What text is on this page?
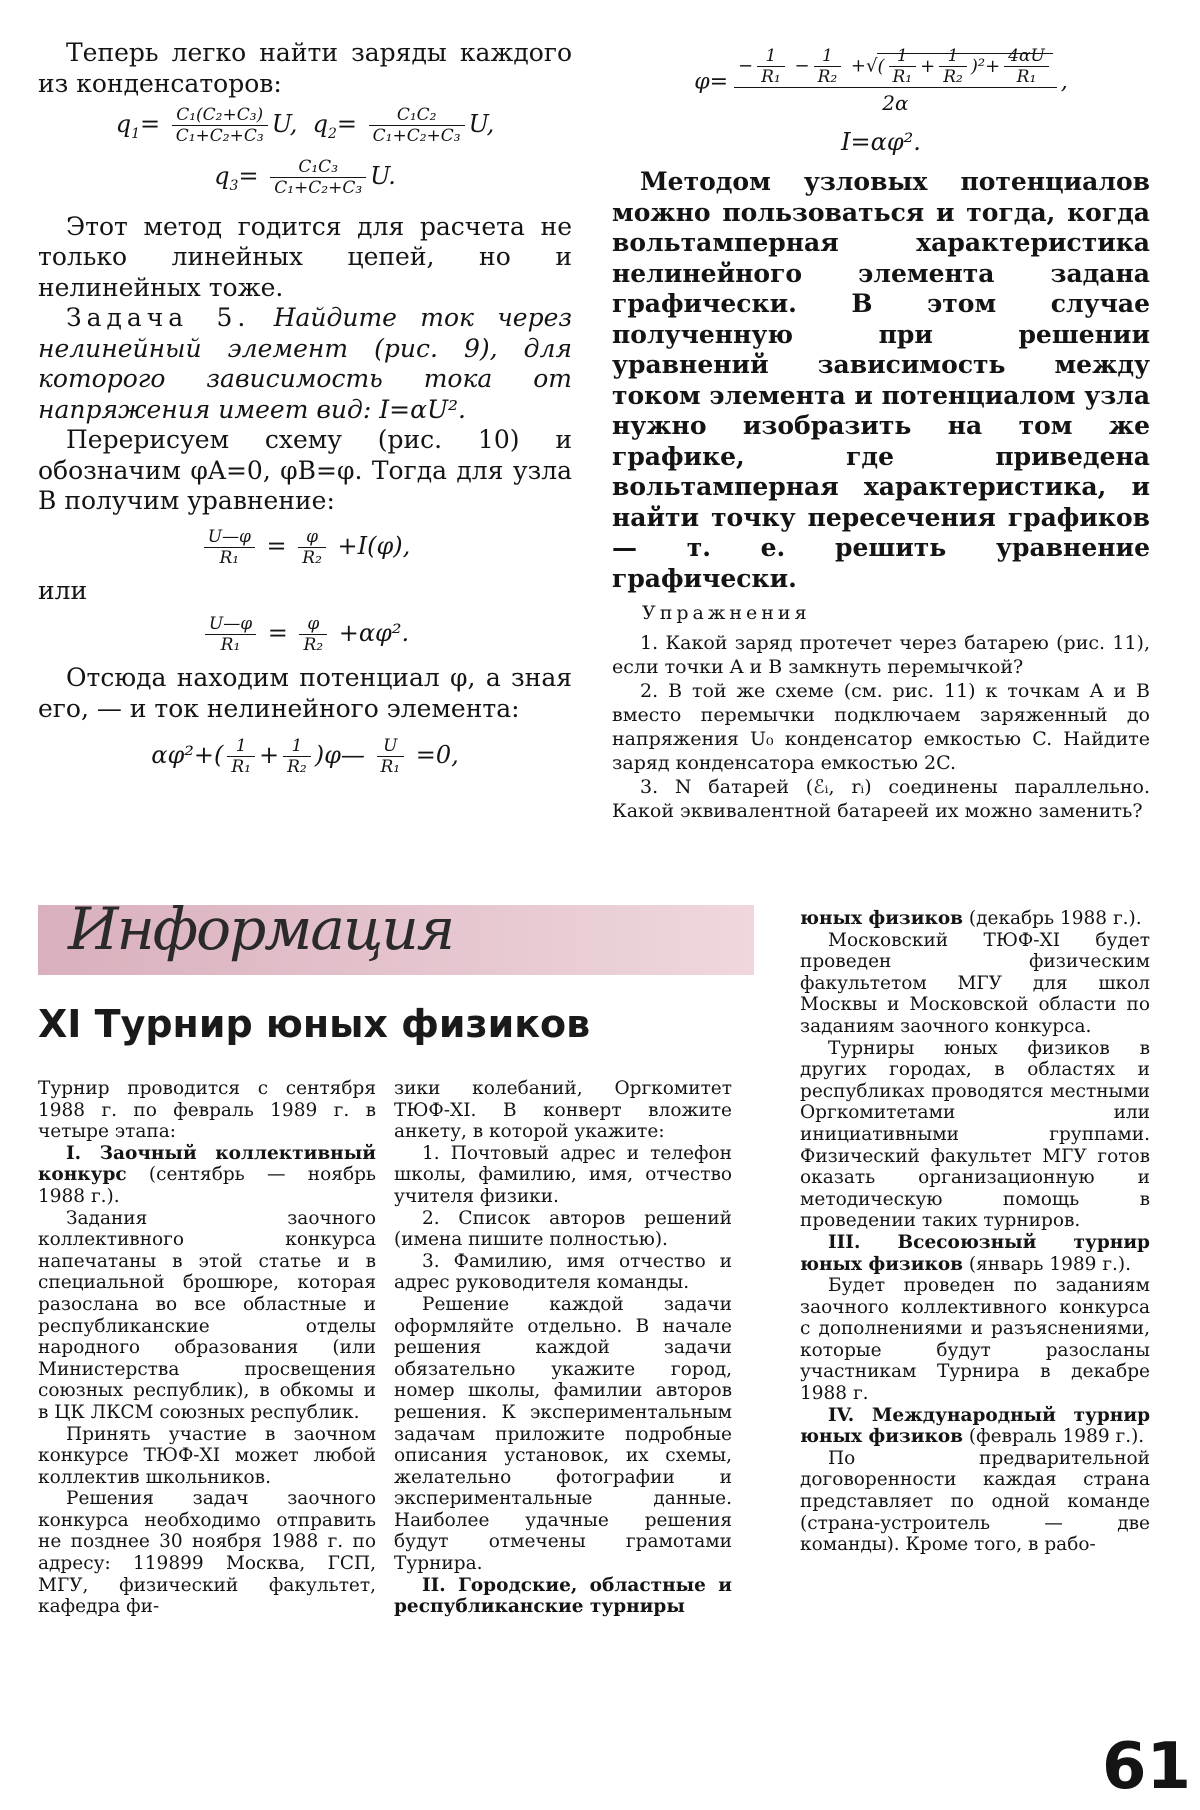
Теперь легко найти заряды каждого из конденсаторов:

$q_1= \frac{\text{C₁(C₂+C₃)}}{\text{C₁+C₂+C₃}} U$,  $q_2= \frac{\text{C₁C₂}}{\text{C₁+C₂+C₃}} U$,
$q_3= \frac{\text{C₁C₃}}{\text{C₁+C₂+C₃}} U$.

Этот метод годится для расчета не только линейных цепей, но и нелинейных тоже.

Задача 5. Найдите ток через нелинейный элемент (рис. 9), для которого зависимость тока от напряжения имеет вид: I=αU².

Перерисуем схему (рис. 10) и обозначим φA=0, φB=φ. Тогда для узла B получим уравнение:

$\frac{U—\varphi}{\text{R₁}} = \frac{\varphi}{\text{R₂}} +I(\varphi)$,

или

$\frac{U—\varphi}{\text{R₁}} = \frac{\varphi}{\text{R₂}} +\alpha\varphi^2$.

Отсюда находим потенциал φ, а зная его, — и ток нелинейного элемента:

$\alpha\varphi^2+( \frac{1}{\text{R₁}} + \frac{1}{\text{R₂}}$ )φ— $\frac{U}{\text{R₁}} =0$,
$\varphi= \frac{- \frac{1}{\text{R₁}} - \frac{1}{\text{R₂}} +√( \frac{1}{\text{R₁}} + \frac{1}{\text{R₂}} )^2+ \frac{4\alpha U}{\text{R₁}}}{2\alpha}$ ,
I=αφ².

Методом узловых потенциалов можно пользоваться и тогда, когда вольтамперная характеристика нелинейного элемента задана графически. В этом случае полученную при решении уравнений зависимость между током элемента и потенциалом узла нужно изобразить на том же графике, где приведена вольтамперная характеристика, и найти точку пересечения графиков — т. е. решить уравнение графически.

Упражнения

1. Какой заряд протечет через батарею (рис. 11), если точки A и B замкнуть перемычкой?

2. В той же схеме (см. рис. 11) к точкам A и B вместо перемычки подключаем заряженный до напряжения U₀ конденсатор емкостью C. Найдите заряд конденсатора емкостью 2C.

3. N батарей (ℰᵢ, rᵢ) соединены параллельно. Какой эквивалентной батареей их можно заменить?

Информация
XI Турнир юных физиков

Турнир проводится с сентября 1988 г. по февраль 1989 г. в четыре этапа:

I. Заочный коллективный конкурс (сентябрь — ноябрь 1988 г.).

Задания заочного коллективного конкурса напечатаны в этой статье и в специальной брошюре, которая разослана во все областные и республиканские отделы народного образования (или Министерства просвещения союзных республик), в обкомы и в ЦК ЛКСМ союзных республик.

Принять участие в заочном конкурсе ТЮФ-XI может любой коллектив школьников.

Решения задач заочного конкурса необходимо отправить не позднее 30 ноября 1988 г. по адресу: 119899 Москва, ГСП, МГУ, физический факультет, кафедра фи-

зики колебаний, Оргкомитет ТЮФ-XI. В конверт вложите анкету, в которой укажите:

1. Почтовый адрес и телефон школы, фамилию, имя, отчество учителя физики.

2. Список авторов решений (имена пишите полностью).

3. Фамилию, имя отчество и адрес руководителя команды.

Решение каждой задачи оформляйте отдельно. В начале решения каждой задачи обязательно укажите город, номер школы, фамилии авторов решения. К экспериментальным задачам приложите подробные описания установок, их схемы, желательно фотографии и экспериментальные данные. Наиболее удачные решения будут отмечены грамотами Турнира.

II. Городские, областные и республиканские турниры

юных физиков (декабрь 1988 г.).

Московский ТЮФ-XI будет проведен физическим факультетом МГУ для школ Москвы и Московской области по заданиям заочного конкурса.

Турниры юных физиков в других городах, в областях и республиках проводятся местными Оргкомитетами или инициативными группами. Физический факультет МГУ готов оказать организационную и методическую помощь в проведении таких турниров.

III. Всесоюзный турнир юных физиков (январь 1989 г.).

Будет проведен по заданиям заочного коллективного конкурса с дополнениями и разъяснениями, которые будут разосланы участникам Турнира в декабре 1988 г.

IV. Международный турнир юных физиков (февраль 1989 г.).

По предварительной договоренности каждая страна представляет по одной команде (страна-устроитель — две команды). Кроме того, в рабо-

61
